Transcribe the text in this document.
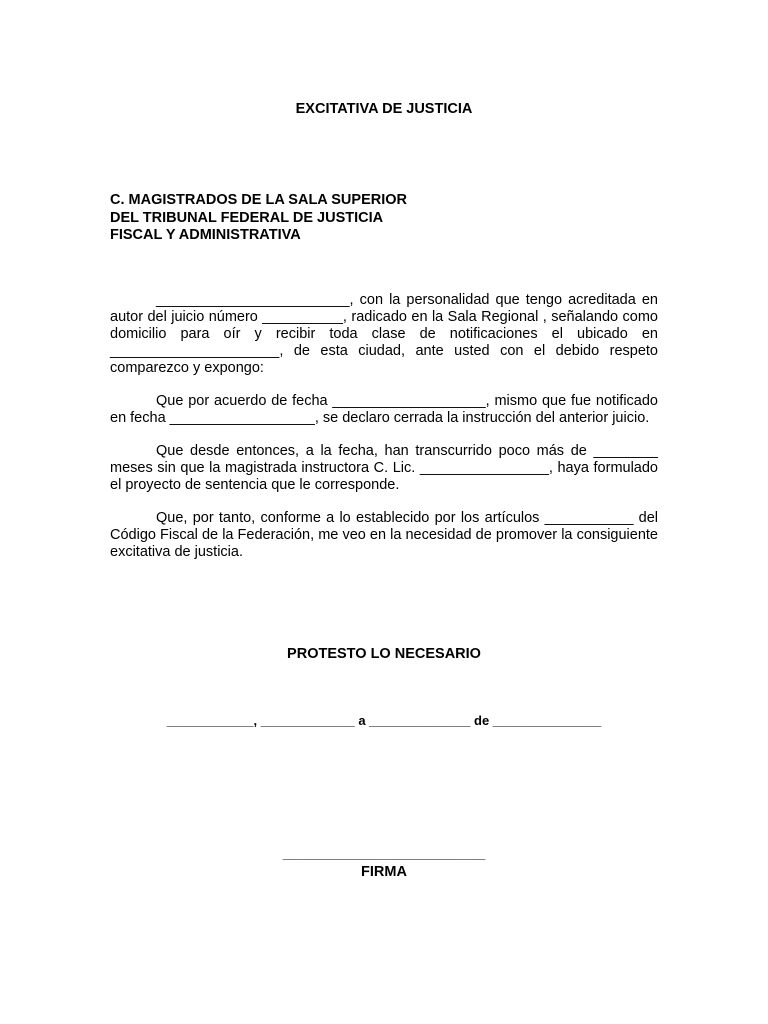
EXCITATIVA DE JUSTICIA
C. MAGISTRADOS DE LA SALA SUPERIOR
DEL TRIBUNAL FEDERAL DE JUSTICIA
FISCAL Y ADMINISTRATIVA

________________________, con la personalidad que tengo acreditada en autor del juicio número __________, radicado en la Sala Regional , señalando como domicilio para oír y recibir toda clase de notificaciones el ubicado en _____________________, de esta ciudad, ante usted con el debido respeto comparezco y expongo:

Que por acuerdo de fecha ___________________, mismo que fue notificado en fecha __________________, se declaro cerrada la instrucción del anterior juicio.

Que desde entonces, a la fecha, han transcurrido poco más de ________ meses sin que la magistrada instructora C. Lic. ________________, haya formulado el proyecto de sentencia que le corresponde.

Que, por tanto, conforme a lo establecido por los artículos ___________ del Código Fiscal de la Federación, me veo en la necesidad de promover la consiguiente excitativa de justicia.

PROTESTO LO NECESARIO
____________, _____________ a ______________ de _______________
____________________________
FIRMA
